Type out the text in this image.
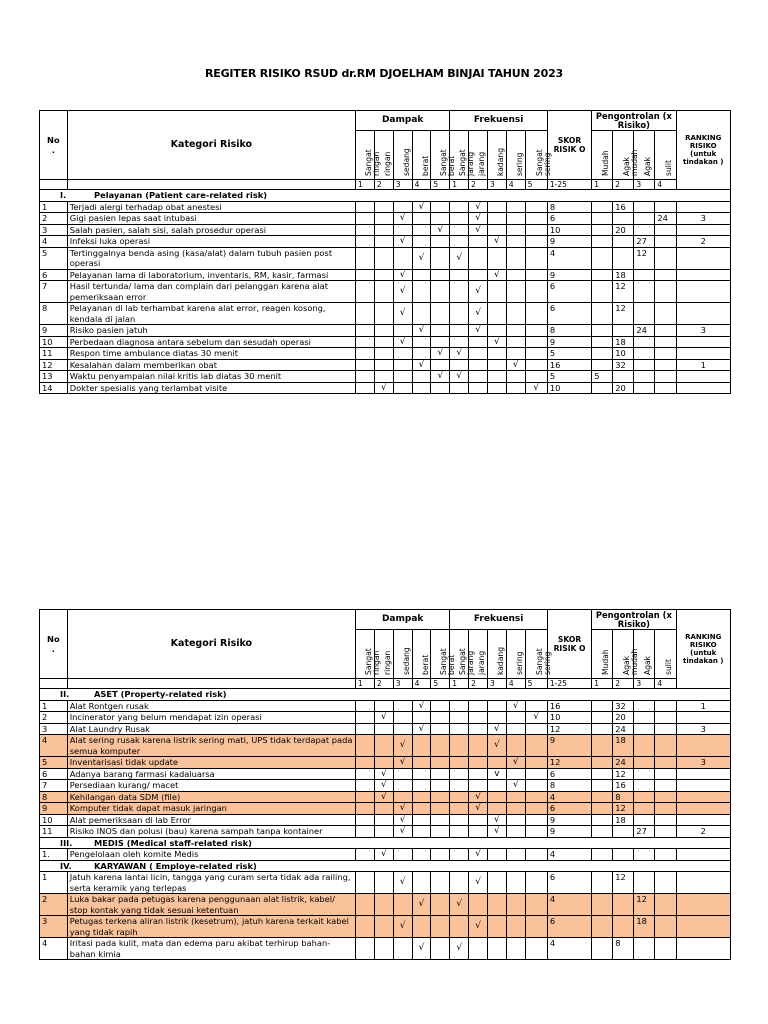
REGITER RISIKO RSUD dr.RM DJOELHAM BINJAI TAHUN 2023
No
.	Kategori Risiko	Dampak					Frekuensi					SKOR RISIK O	Pengontrolan (x Risiko)				RANKING RISIKO (untuk tindakan )

		Sangat ringan	ringan	sedang	berat	Sangat berat	Sangat jarang	jarang	kadang	sering	Sangat sering		Mudah	Agak mudah	Agak	sulit	

		1	2	3	4	5	1	2	3	4	5	1-25	1	2	3	4	
I. Pelayanan (Patient care-related risk)																	
1	Terjadi alergi terhadap obat anestesi				√			√				8		16			
2	Gigi pasien lepas saat intubasi			√				√				6				24	3
3	Salah pasien, salah sisi, salah prosedur operasi					√		√				10		20			
4	Infeksi luka operasi			√					√			9			27		2
5	Tertinggalnya benda asing (kasa/alat) dalam tubuh pasien post operasi				√		√					4			12		
6	Pelayanan lama di laboratorium, inventaris, RM, kasir, farmasi			√					√			9		18			
7	Hasil tertunda/ lama dan complain dari pelanggan karena alat pemeriksaan error			√				√				6		12			
8	Pelayanan di lab terhambat karena alat error, reagen kosong, kendala di jalan			√				√				6		12			
9	Risiko pasien jatuh				√			√				8			24		3
10	Perbedaan diagnosa antara sebelum dan sesudah operasi			√					√			9		18			
11	Respon time ambulance diatas 30 menit					√	√					5		10			
12	Kesalahan dalam memberikan obat				√					√		16		32			1
13	Waktu penyampaian nilai kritis lab diatas 30 menit					√	√					5	5				
14	Dokter spesialis yang terlambat visite		√								√	10		20			
No
.	Kategori Risiko	Dampak					Frekuensi					SKOR RISIK O	Pengontrolan (x Risiko)				RANKING RISIKO (untuk tindakan )

		Sangat ringan	ringan	sedang	berat	Sangat berat	Sangat jarang	jarang	kadang	sering	Sangat sering		Mudah	Agak mudah	Agak	sulit	

		1	2	3	4	5	1	2	3	4	5	1-25	1	2	3	4	
II. ASET (Property-related risk)																	
1	Alat Rontgen rusak				√					√		16		32			1
2	Incinerator yang belum mendapat izin operasi		√								√	10		20			
3	Alat Laundry Rusak				√				√			12		24			3
4	Alat sering rusak karena listrik sering mati, UPS tidak terdapat pada semua komputer			√					√			9		18			
5	Inventarisasi tidak update			√						√		12		24			3
6	Adanya barang farmasi kadaluarsa		√						v			6		12			
7	Persediaan kurang/ macet		√							√		8		16			
8	Kehilangan data SDM (file)		√					√				4		8			
9	Komputer tidak dapat masuk jaringan			√				√				6		12			
10	Alat pemeriksaan di lab Error			√					√			9		18			
11	Risiko INOS dan polusi (bau) karena sampah tanpa kontainer			√					√			9			27		2
III. MEDIS (Medical staff-related risk)																	
1.	Pengelolaan oleh komite Medis		√					√				4					
IV. KARYAWAN ( Employe-related risk)																	
1	Jatuh karena lantai licin, tangga yang curam serta tidak ada railing, serta keramik yang terlepas			√				√				6		12			
2	Luka bakar pada petugas karena penggunaan alat listrik, kabel/ stop kontak yang tidak sesuai ketentuan				√		√					4			12		
3	Petugas terkena aliran listrik (kesetrum), jatuh karena terkait kabel yang tidak rapih			√				√				6			18		
4	Iritasi pada kulit, mata dan edema paru akibat terhirup bahan-bahan kimia				√		√					4		8			
